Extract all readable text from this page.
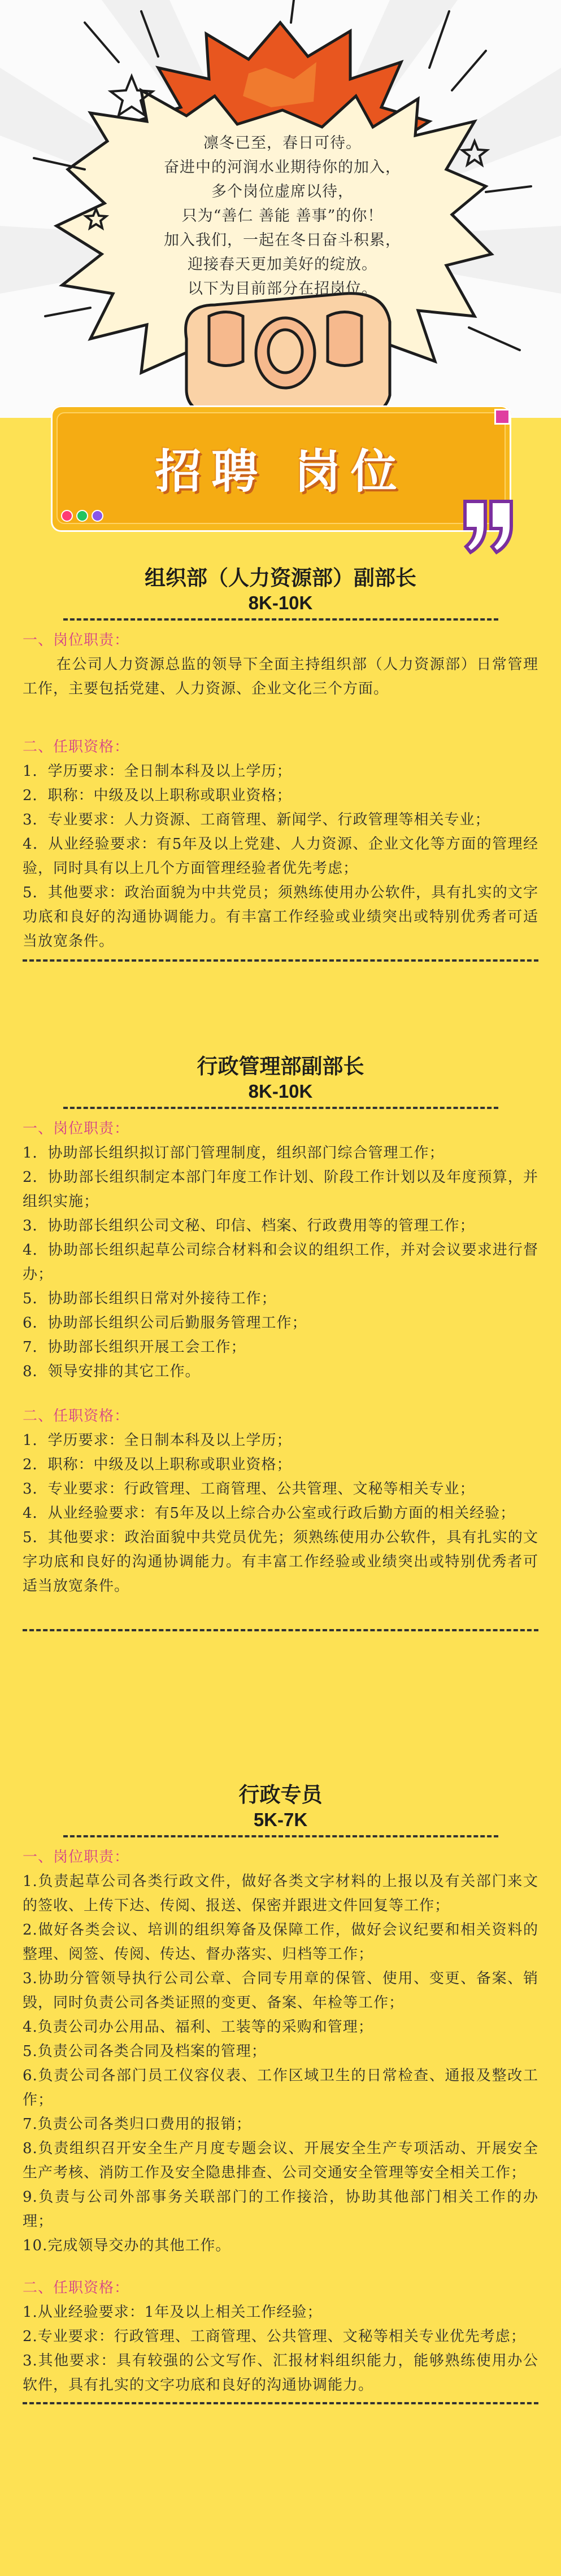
凛冬已至，春日可待。
奋进中的河润水业期待你的加入，
多个岗位虚席以待，
只为“善仁 善能 善事”的你！
加入我们，一起在冬日奋斗积累，
迎接春天更加美好的绽放。
以下为目前部分在招岗位。
招聘 岗位
组织部（人力资源部）副部长
8K-10K
一、岗位职责：
在公司人力资源总监的领导下全面主持组织部（人力资源部）日常管理工作，主要包括党建、人力资源、企业文化三个方面。
二、任职资格：
1．学历要求：全日制本科及以上学历；
2．职称：中级及以上职称或职业资格；
3．专业要求：人力资源、工商管理、新闻学、行政管理等相关专业；
4．从业经验要求：有5年及以上党建、人力资源、企业文化等方面的管理经验，同时具有以上几个方面管理经验者优先考虑；
5．其他要求：政治面貌为中共党员；须熟练使用办公软件，具有扎实的文字功底和良好的沟通协调能力。有丰富工作经验或业绩突出或特别优秀者可适当放宽条件。
行政管理部副部长
8K-10K
一、岗位职责：
1．协助部长组织拟订部门管理制度，组织部门综合管理工作；
2．协助部长组织制定本部门年度工作计划、阶段工作计划以及年度预算，并组织实施；
3．协助部长组织公司文秘、印信、档案、行政费用等的管理工作；
4．协助部长组织起草公司综合材料和会议的组织工作，并对会议要求进行督办；
5．协助部长组织日常对外接待工作；
6．协助部长组织公司后勤服务管理工作；
7．协助部长组织开展工会工作；
8．领导安排的其它工作。
二、任职资格：
1．学历要求：全日制本科及以上学历；
2．职称：中级及以上职称或职业资格；
3．专业要求：行政管理、工商管理、公共管理、文秘等相关专业；
4．从业经验要求：有5年及以上综合办公室或行政后勤方面的相关经验；
5．其他要求：政治面貌中共党员优先；须熟练使用办公软件，具有扎实的文字功底和良好的沟通协调能力。有丰富工作经验或业绩突出或特别优秀者可适当放宽条件。
行政专员
5K-7K
一、岗位职责：
1.负责起草公司各类行政文件，做好各类文字材料的上报以及有关部门来文的签收、上传下达、传阅、报送、保密并跟进文件回复等工作；
2.做好各类会议、培训的组织筹备及保障工作，做好会议纪要和相关资料的整理、阅签、传阅、传达、督办落实、归档等工作；
3.协助分管领导执行公司公章、合同专用章的保管、使用、变更、备案、销毁，同时负责公司各类证照的变更、备案、年检等工作；
4.负责公司办公用品、福利、工装等的采购和管理；
5.负责公司各类合同及档案的管理；
6.负责公司各部门员工仪容仪表、工作区域卫生的日常检查、通报及整改工作；
7.负责公司各类归口费用的报销；
8.负责组织召开安全生产月度专题会议、开展安全生产专项活动、开展安全生产考核、消防工作及安全隐患排查、公司交通安全管理等安全相关工作；
9.负责与公司外部事务关联部门的工作接洽，协助其他部门相关工作的办理；
10.完成领导交办的其他工作。
二、任职资格：
1.从业经验要求：1年及以上相关工作经验；
2.专业要求：行政管理、工商管理、公共管理、文秘等相关专业优先考虑；
3.其他要求：具有较强的公文写作、汇报材料组织能力，能够熟练使用办公软件，具有扎实的文字功底和良好的沟通协调能力。
